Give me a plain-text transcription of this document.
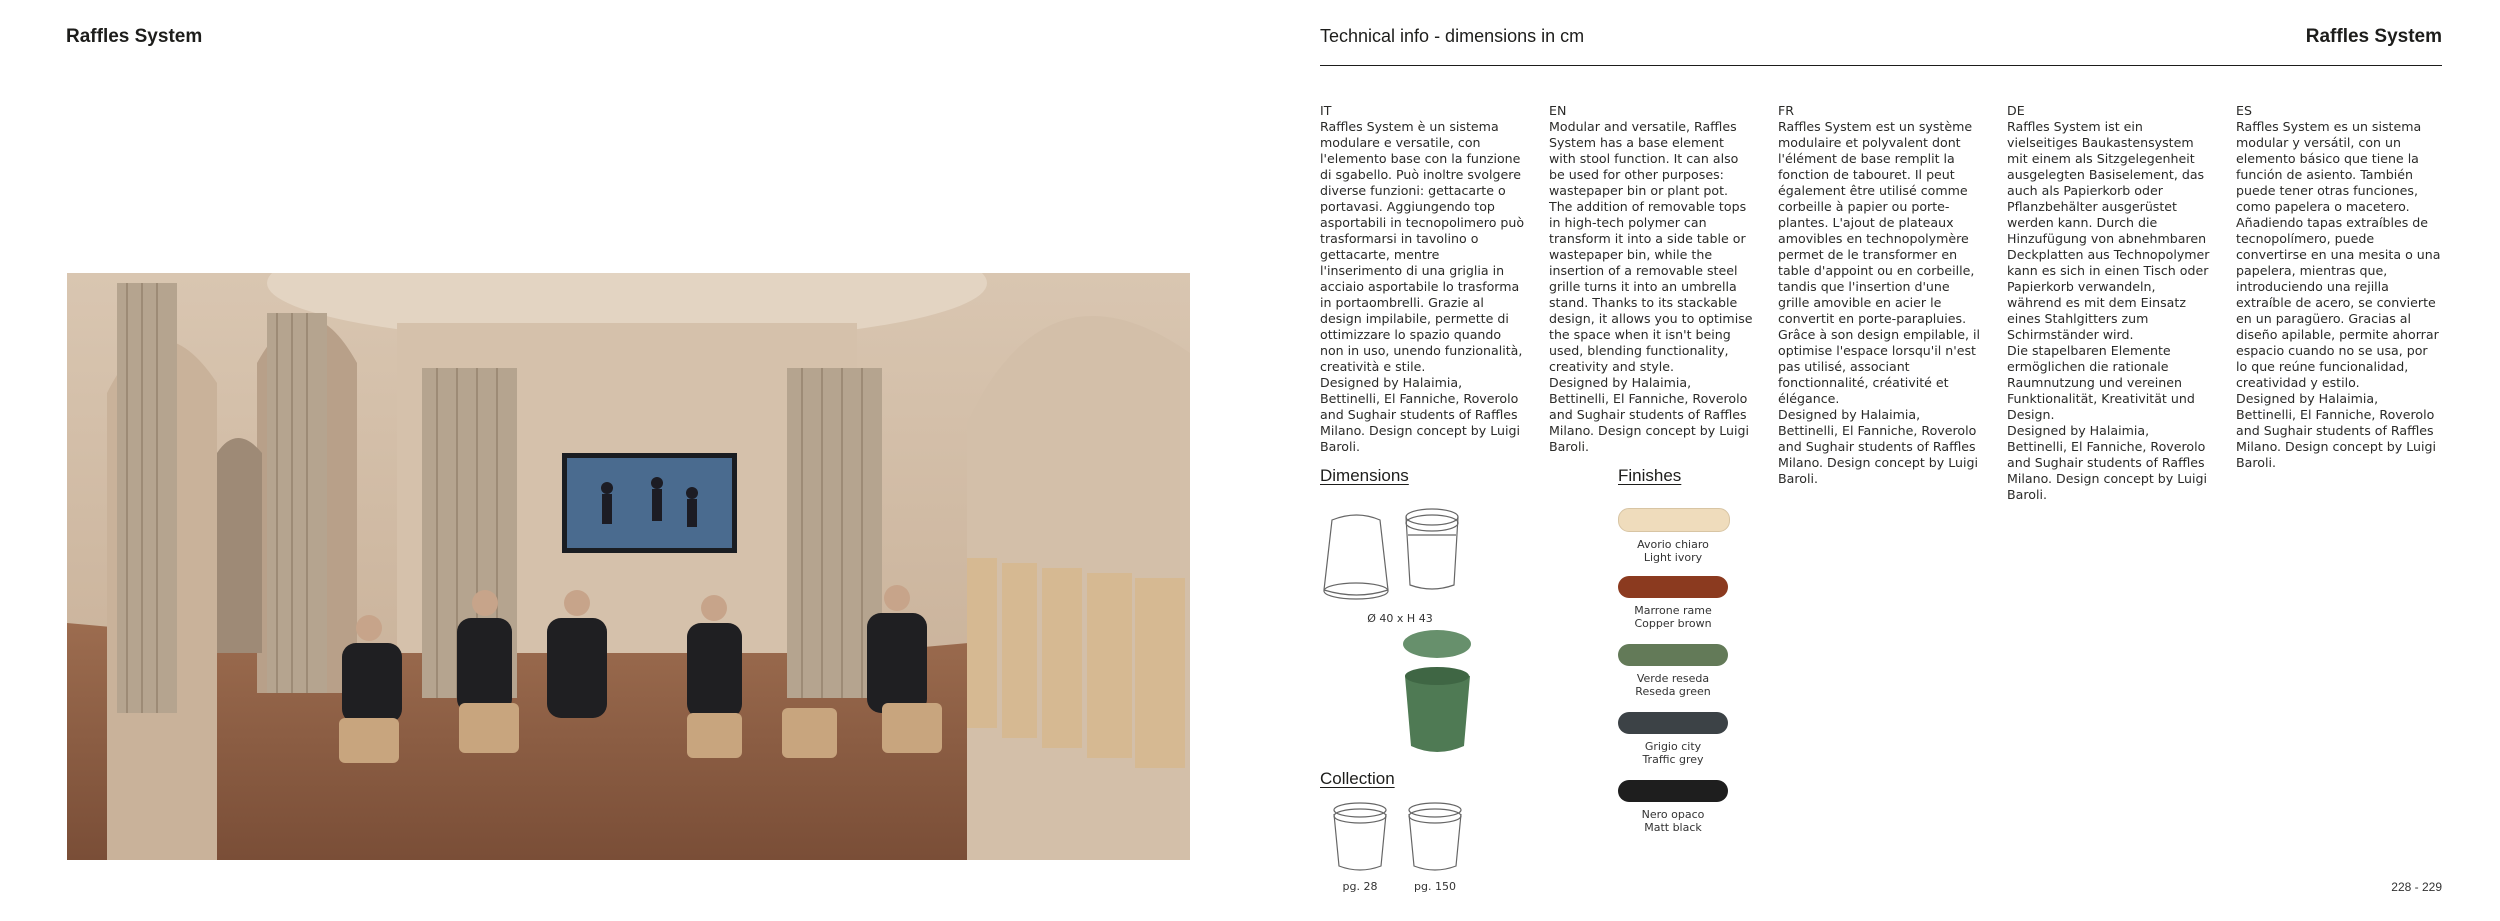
Raffles System	Technical info - dimensions in cm	Raffles System

IT
Raffles System è un sistema modulare e versatile, con l'elemento base con la funzione di sgabello. Può inoltre svolgere diverse funzioni: gettacarte o portavasi. Aggiungendo top asportabili in tecnopolimero può trasformarsi in tavolino o gettacarte, mentre l'inserimento di una griglia in acciaio asportabile lo trasforma in portaombrelli. Grazie al design impilabile, permette di ottimizzare lo spazio quando non in uso, unendo funzionalità, creatività e stile.
Designed by Halaimia, Bettinelli, El Fanniche, Roverolo and Sughair students of Raffles Milano. Design concept by Luigi Baroli.

EN
Modular and versatile, Raffles System has a base element with stool function. It can also be used for other purposes: wastepaper bin or plant pot. The addition of removable tops in high-tech polymer can transform it into a side table or wastepaper bin, while the insertion of a removable steel grille turns it into an umbrella stand. Thanks to its stackable design, it allows you to optimise the space when it isn't being used, blending functionality, creativity and style.
Designed by Halaimia, Bettinelli, El Fanniche, Roverolo and Sughair students of Raffles Milano. Design concept by Luigi Baroli.

FR
Raffles System est un système modulaire et polyvalent dont l'élément de base remplit la fonction de tabouret. Il peut également être utilisé comme corbeille à papier ou porte-plantes. L'ajout de plateaux amovibles en technopolymère permet de le transformer en table d'appoint ou en corbeille, tandis que l'insertion d'une grille amovible en acier le convertit en porte-parapluies. Grâce à son design empilable, il optimise l'espace lorsqu'il n'est pas utilisé, associant fonctionnalité, créativité et élégance.
Designed by Halaimia, Bettinelli, El Fanniche, Roverolo and Sughair students of Raffles Milano. Design concept by Luigi Baroli.

DE
Raffles System ist ein vielseitiges Baukastensystem mit einem als Sitzgelegenheit ausgelegten Basiselement, das auch als Papierkorb oder Pflanzbehälter ausgerüstet werden kann. Durch die Hinzufügung von abnehmbaren Deckplatten aus Technopolymer kann es sich in einen Tisch oder Papierkorb verwandeln, während es mit dem Einsatz eines Stahlgitters zum Schirmständer wird.
Die stapelbaren Elemente ermöglichen die rationale Raumnutzung und vereinen Funktionalität, Kreativität und Design.
Designed by Halaimia, Bettinelli, El Fanniche, Roverolo and Sughair students of Raffles Milano. Design concept by Luigi Baroli.

ES
Raffles System es un sistema modular y versátil, con un elemento básico que tiene la función de asiento. También puede tener otras funciones, como papelera o macetero. Añadiendo tapas extraíbles de tecnopolímero, puede convertirse en una mesita o una papelera, mientras que, introduciendo una rejilla extraíble de acero, se convierte en un paragüero. Gracias al diseño apilable, permite ahorrar espacio cuando no se usa, por lo que reúne funcionalidad, creatividad y estilo.
Designed by Halaimia, Bettinelli, El Fanniche, Roverolo and Sughair students of Raffles Milano. Design concept by Luigi Baroli.

Dimensions
Ø 40 x H 43
Collection
pg. 28	pg. 150
Finishes
Avorio chiaro
Light ivory
Marrone rame
Copper brown
Verde reseda
Reseda green
Grigio city
Traffic grey
Nero opaco
Matt black
228 - 229
